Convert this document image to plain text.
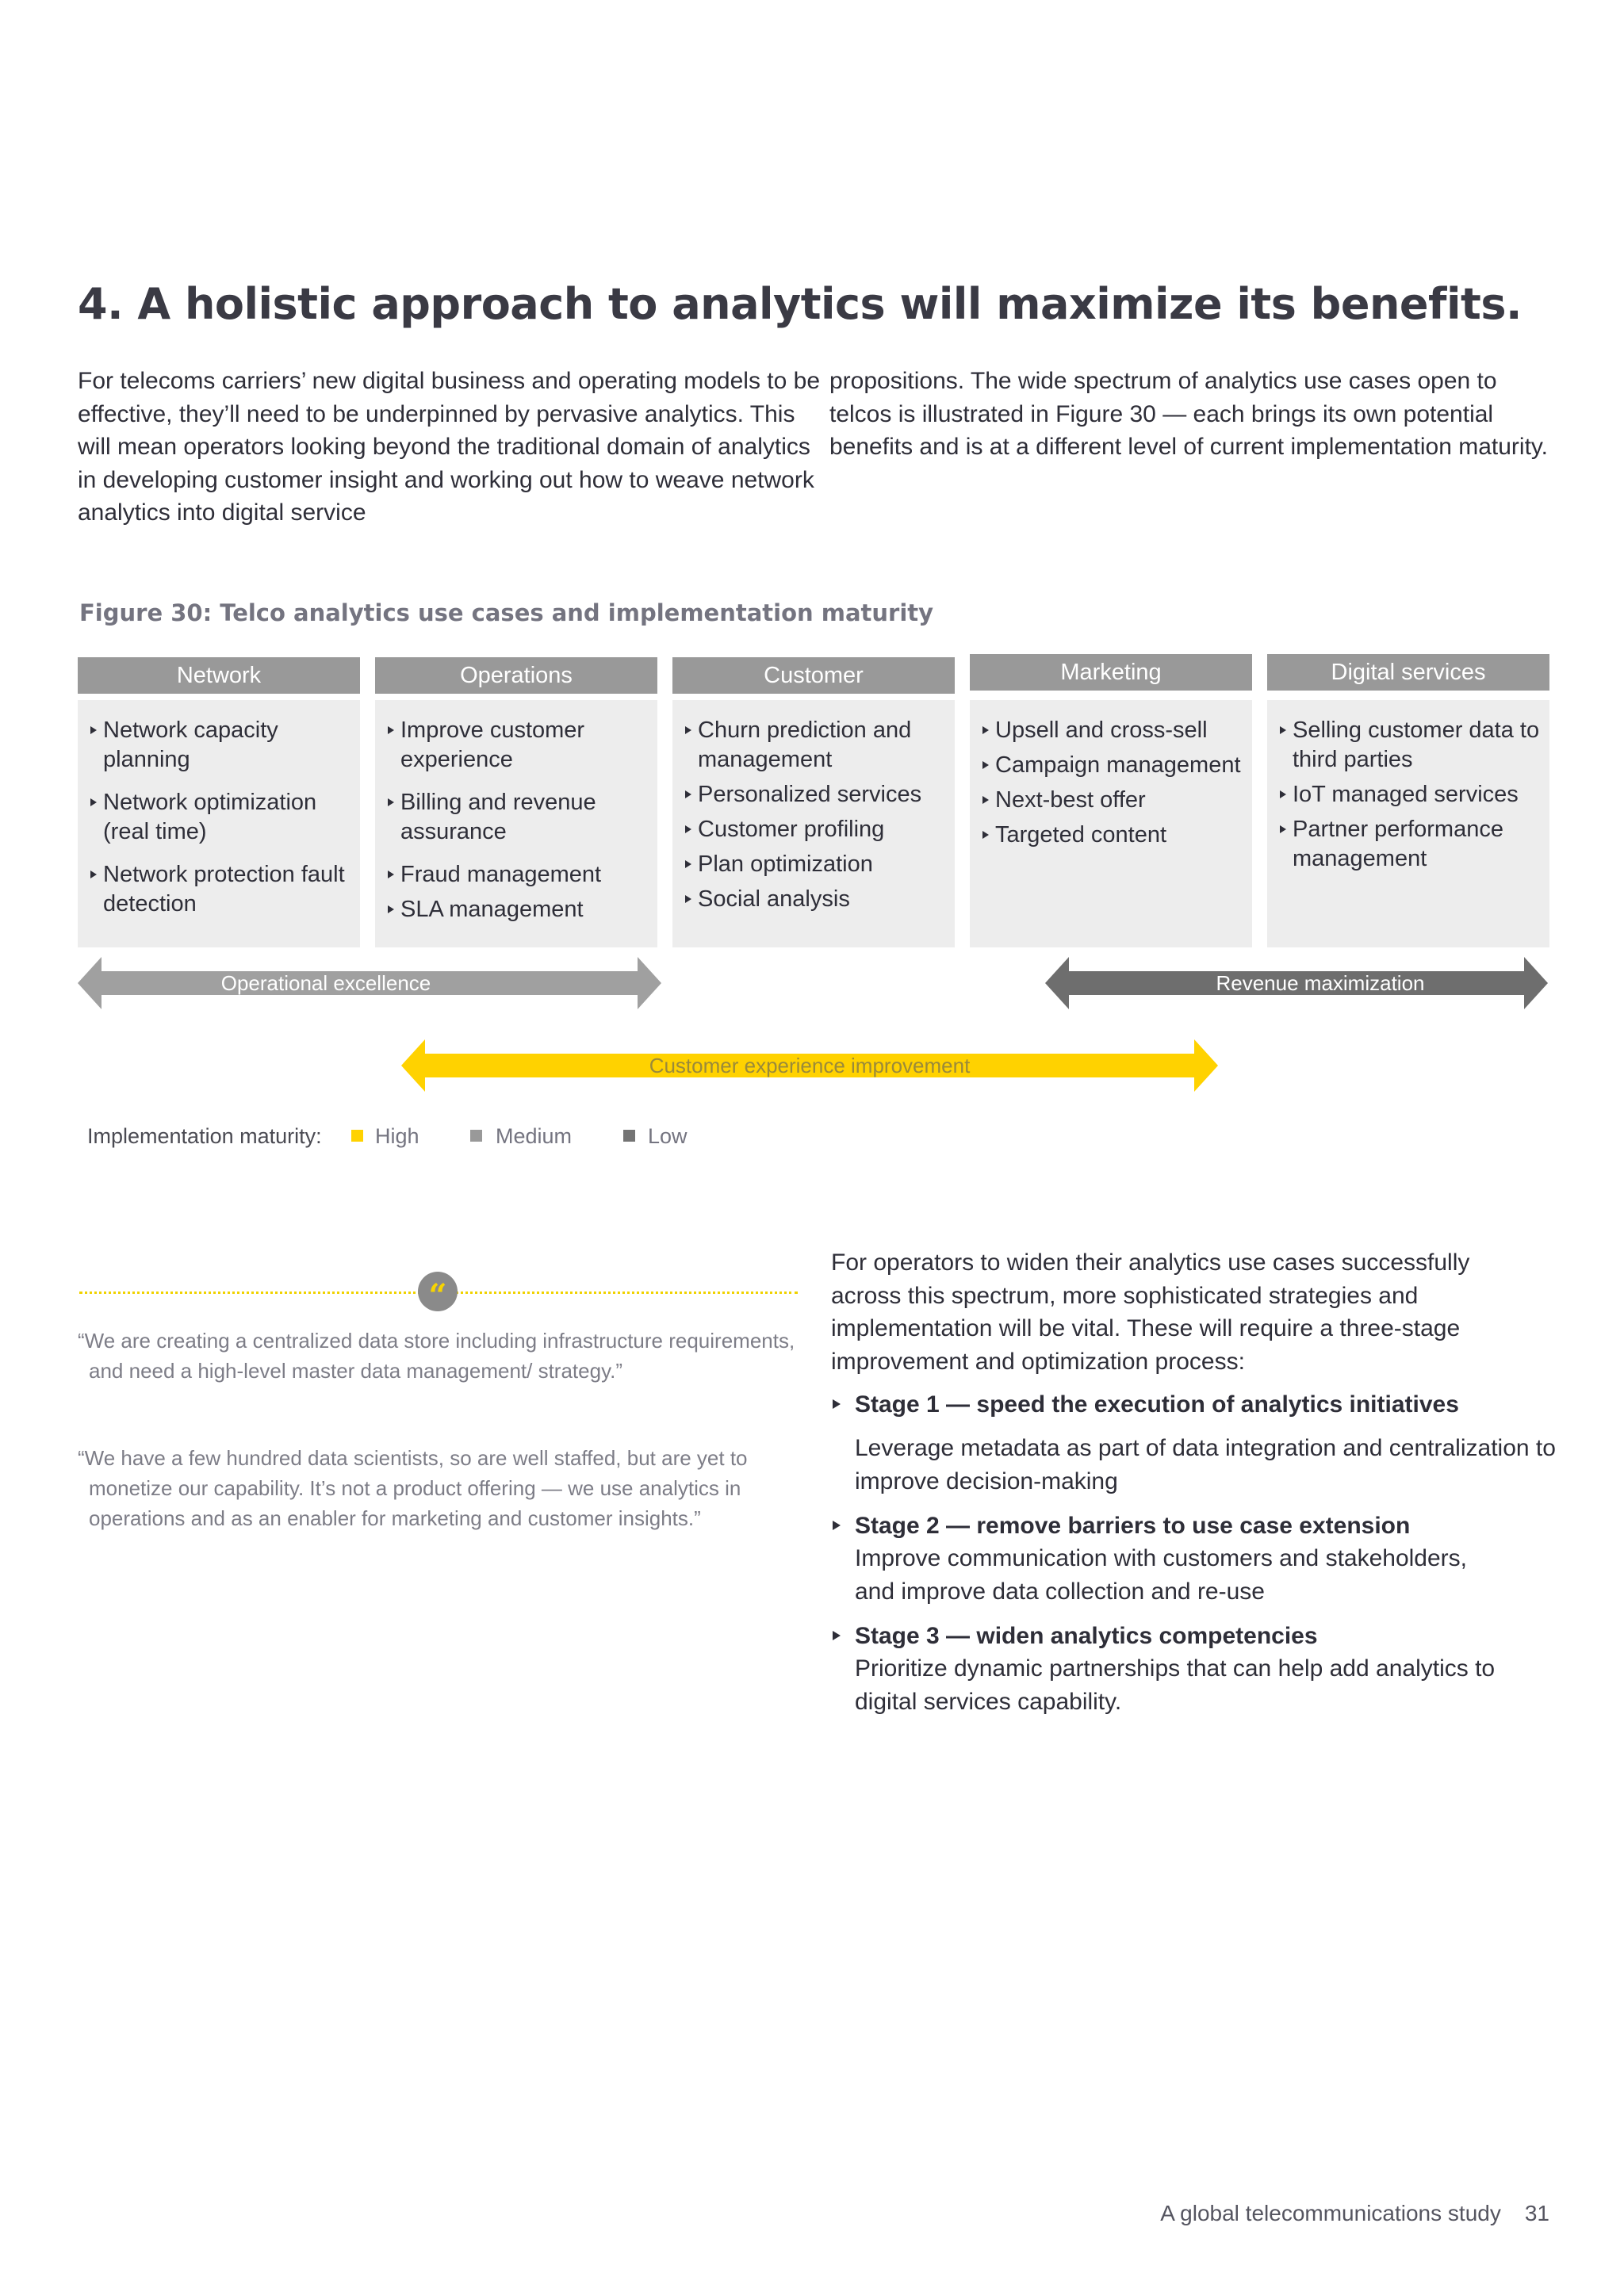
4. A holistic approach to analytics will maximize its benefits.

For telecoms carriers’ new digital business and operating models to be effective, they’ll need to be underpinned by pervasive analytics. This will mean operators looking beyond the traditional domain of analytics in developing customer insight and working out how to weave network analytics into digital service

propositions. The wide spectrum of analytics use cases open to telcos is illustrated in Figure 30 — each brings its own potential benefits and is at a different level of current implementation maturity.

Figure 30: Telco analytics use cases and implementation maturity
Network	Operations	Customer	Marketing	Digital services
Network capacity planning
Network optimization (real time)
Network protection fault detection
Improve customer experience
Billing and revenue assurance
Fraud management
SLA management
Churn prediction and management
Personalized services
Customer profiling
Plan optimization
Social analysis
Upsell and cross-sell
Campaign management
Next-best offer
Targeted content
Selling customer data to third parties
IoT managed services
Partner performance management
Operational excellence	Revenue maximization
Customer experience improvement
Implementation maturity: High	Medium	Low
“

“We are creating a centralized data store including infrastructure requirements, and need a high-level master data management/ strategy.”

“We have a few hundred data scientists, so are well staffed, but are yet to monetize our capability. It’s not a product offering — we use analytics in operations and as an enabler for marketing and customer insights.”

For operators to widen their analytics use cases successfully across this spectrum, more sophisticated strategies and implementation will be vital. These will require a three-stage improvement and optimization process:

Stage 1 — speed the execution of analytics initiatives

Leverage metadata as part of data integration and centralization to improve decision-making

Stage 2 — remove barriers to use case extension

Improve communication with customers and stakeholders, and improve data collection and re-use

Stage 3 — widen analytics competencies

Prioritize dynamic partnerships that can help add analytics to digital services capability.

A global telecommunications study 31
